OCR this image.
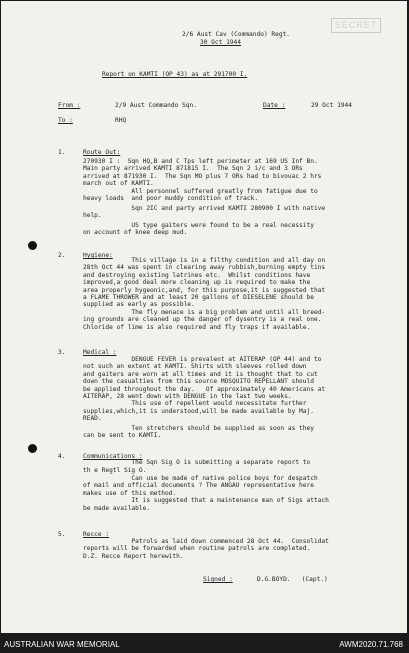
SECRET
2/6 Aust Cav (Commando) Regt.
30 Oct 1944
Report on KAMTI (OP 43) as at 291700 I.
From :	2/9 Aust Commando Sqn.	Date :	29 Oct 1944
To :	RHQ
1.	Route Out:
270930 I :  Sqn HQ,B and C Tps left perimeter at 169 US Inf Bn.
Main party arrived KAMTI 871815 I.  The Sqn 2 i/c and 3 ORs
arrived at 871930 I.  The Sqn MO plus 7 ORs had to bivouac 2 hrs
march out of KAMTI.
All personnel suffered greatly from fatigue due to
heavy loads  and poor muddy condition of track.
Sqn 2IC and party arrived KAMTI 280900 I with native
help.
US type gaiters were found to be a real necessity
on account of knee deep mud.
2.	Hygiene:
This village is in a filthy condition and all day on
28th Oct 44 was spent in clearing away rubbish,burning empty tins
and destroying existing latrines etc.  Whilst conditions have
improved,a good deal more cleaning up is required to make the
area properly hygeonic,and, for this purpose,it is suggested that
a FLAME THROWER and at least 20 gallons of DIESELENE should be
supplied as early as possible.
The fly menace is a big problem and until all breed-
ing grounds are cleaned up the danger of dysentry is a real one.
Chloride of lime is also required and fly traps if available.
3.	Medical :
DENGUE FEVER is prevalent at AITERAP (OP 44) and to
not such an extent at KAMTI. Shirts with sleeves rolled down
and gaiters are worn at all times and it is thought that to cut
down the casualties from this source MOSQUITO REPELLANT should
be applied throughout the day.   Of approximately 40 Americans at
AITERAP, 28 went down with DENGUE in the last two weeks.
This use of repellent would necessitate further
supplies,which,it is understood,will be made available by Maj.
READ.
Ten stretchers should be supplied as soon as they
can be sent to KAMTI.
4.	Communications :
The Sqn Sig O is submitting a separate report to
th e Regtl Sig O.
Can use be made of native police boys for despatch
of mail and official documents ? The ANGAU representative here
makes use of this method.
It is suggested that a maintenance man of Sigs attach
be made available.
5.	Recce :
Patrols as laid down commenced 28 Oct 44.  Consolidat
reports will be forwarded when routine patrols are completed.
D.Z. Recce Report herewith.
Signed :	D.G.BOYD.   (Capt.)
AUSTRALIAN WAR MEMORIAL	AWM2020.71.768
